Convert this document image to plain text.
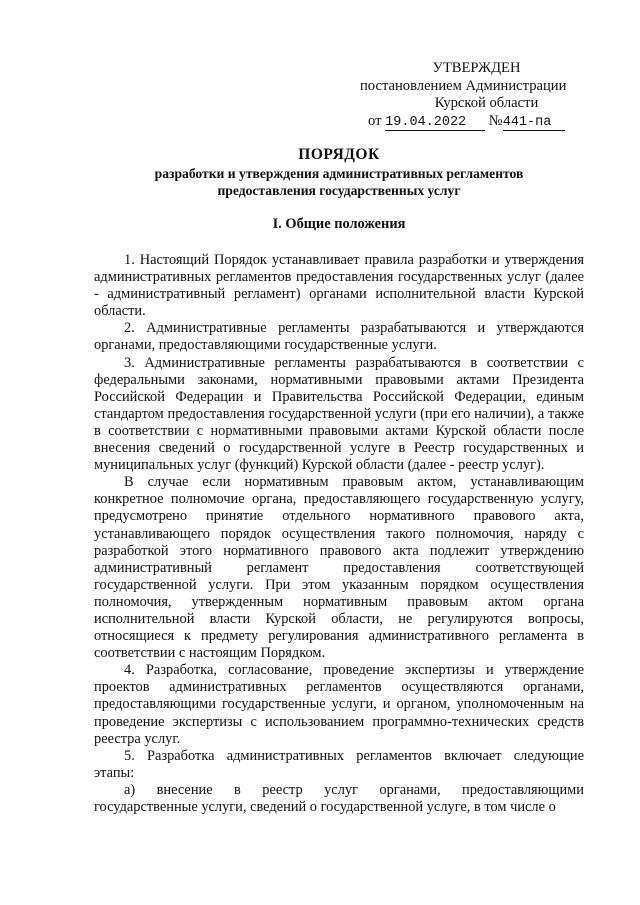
УТВЕРЖДЕН
постановлением Администрации
Курской области
от 19.04.2022 №441-па
ПОРЯДОК
разработки и утверждения административных регламентов
предоставления государственных услуг
I. Общие положения

1. Настоящий Порядок устанавливает правила разработки и утверждения административных регламентов предоставления государственных услуг (далее - административный регламент) органами исполнительной власти Курской области.

2. Административные регламенты разрабатываются и утверждаются органами, предоставляющими государственные услуги.

3. Административные регламенты разрабатываются в соответствии с федеральными законами, нормативными правовыми актами Президента Российской Федерации и Правительства Российской Федерации, единым стандартом предоставления государственной услуги (при его наличии), а также в соответствии с нормативными правовыми актами Курской области после внесения сведений о государственной услуге в Реестр государственных и муниципальных услуг (функций) Курской области (далее - реестр услуг).

В случае если нормативным правовым актом, устанавливающим конкретное полномочие органа, предоставляющего государственную услугу, предусмотрено принятие отдельного нормативного правового акта, устанавливающего порядок осуществления такого полномочия, наряду с разработкой этого нормативного правового акта подлежит утверждению административный регламент предоставления соответствующей государственной услуги. При этом указанным порядком осуществления полномочия, утвержденным нормативным правовым актом органа исполнительной власти Курской области, не регулируются вопросы, относящиеся к предмету регулирования административного регламента в соответствии с настоящим Порядком.

4. Разработка, согласование, проведение экспертизы и утверждение проектов административных регламентов осуществляются органами, предоставляющими государственные услуги, и органом, уполномоченным на проведение экспертизы с использованием программно-технических средств реестра услуг.

5. Разработка административных регламентов включает следующие этапы:

а) внесение в реестр услуг органами, предоставляющими государственные услуги, сведений о государственной услуге, в том числе о
